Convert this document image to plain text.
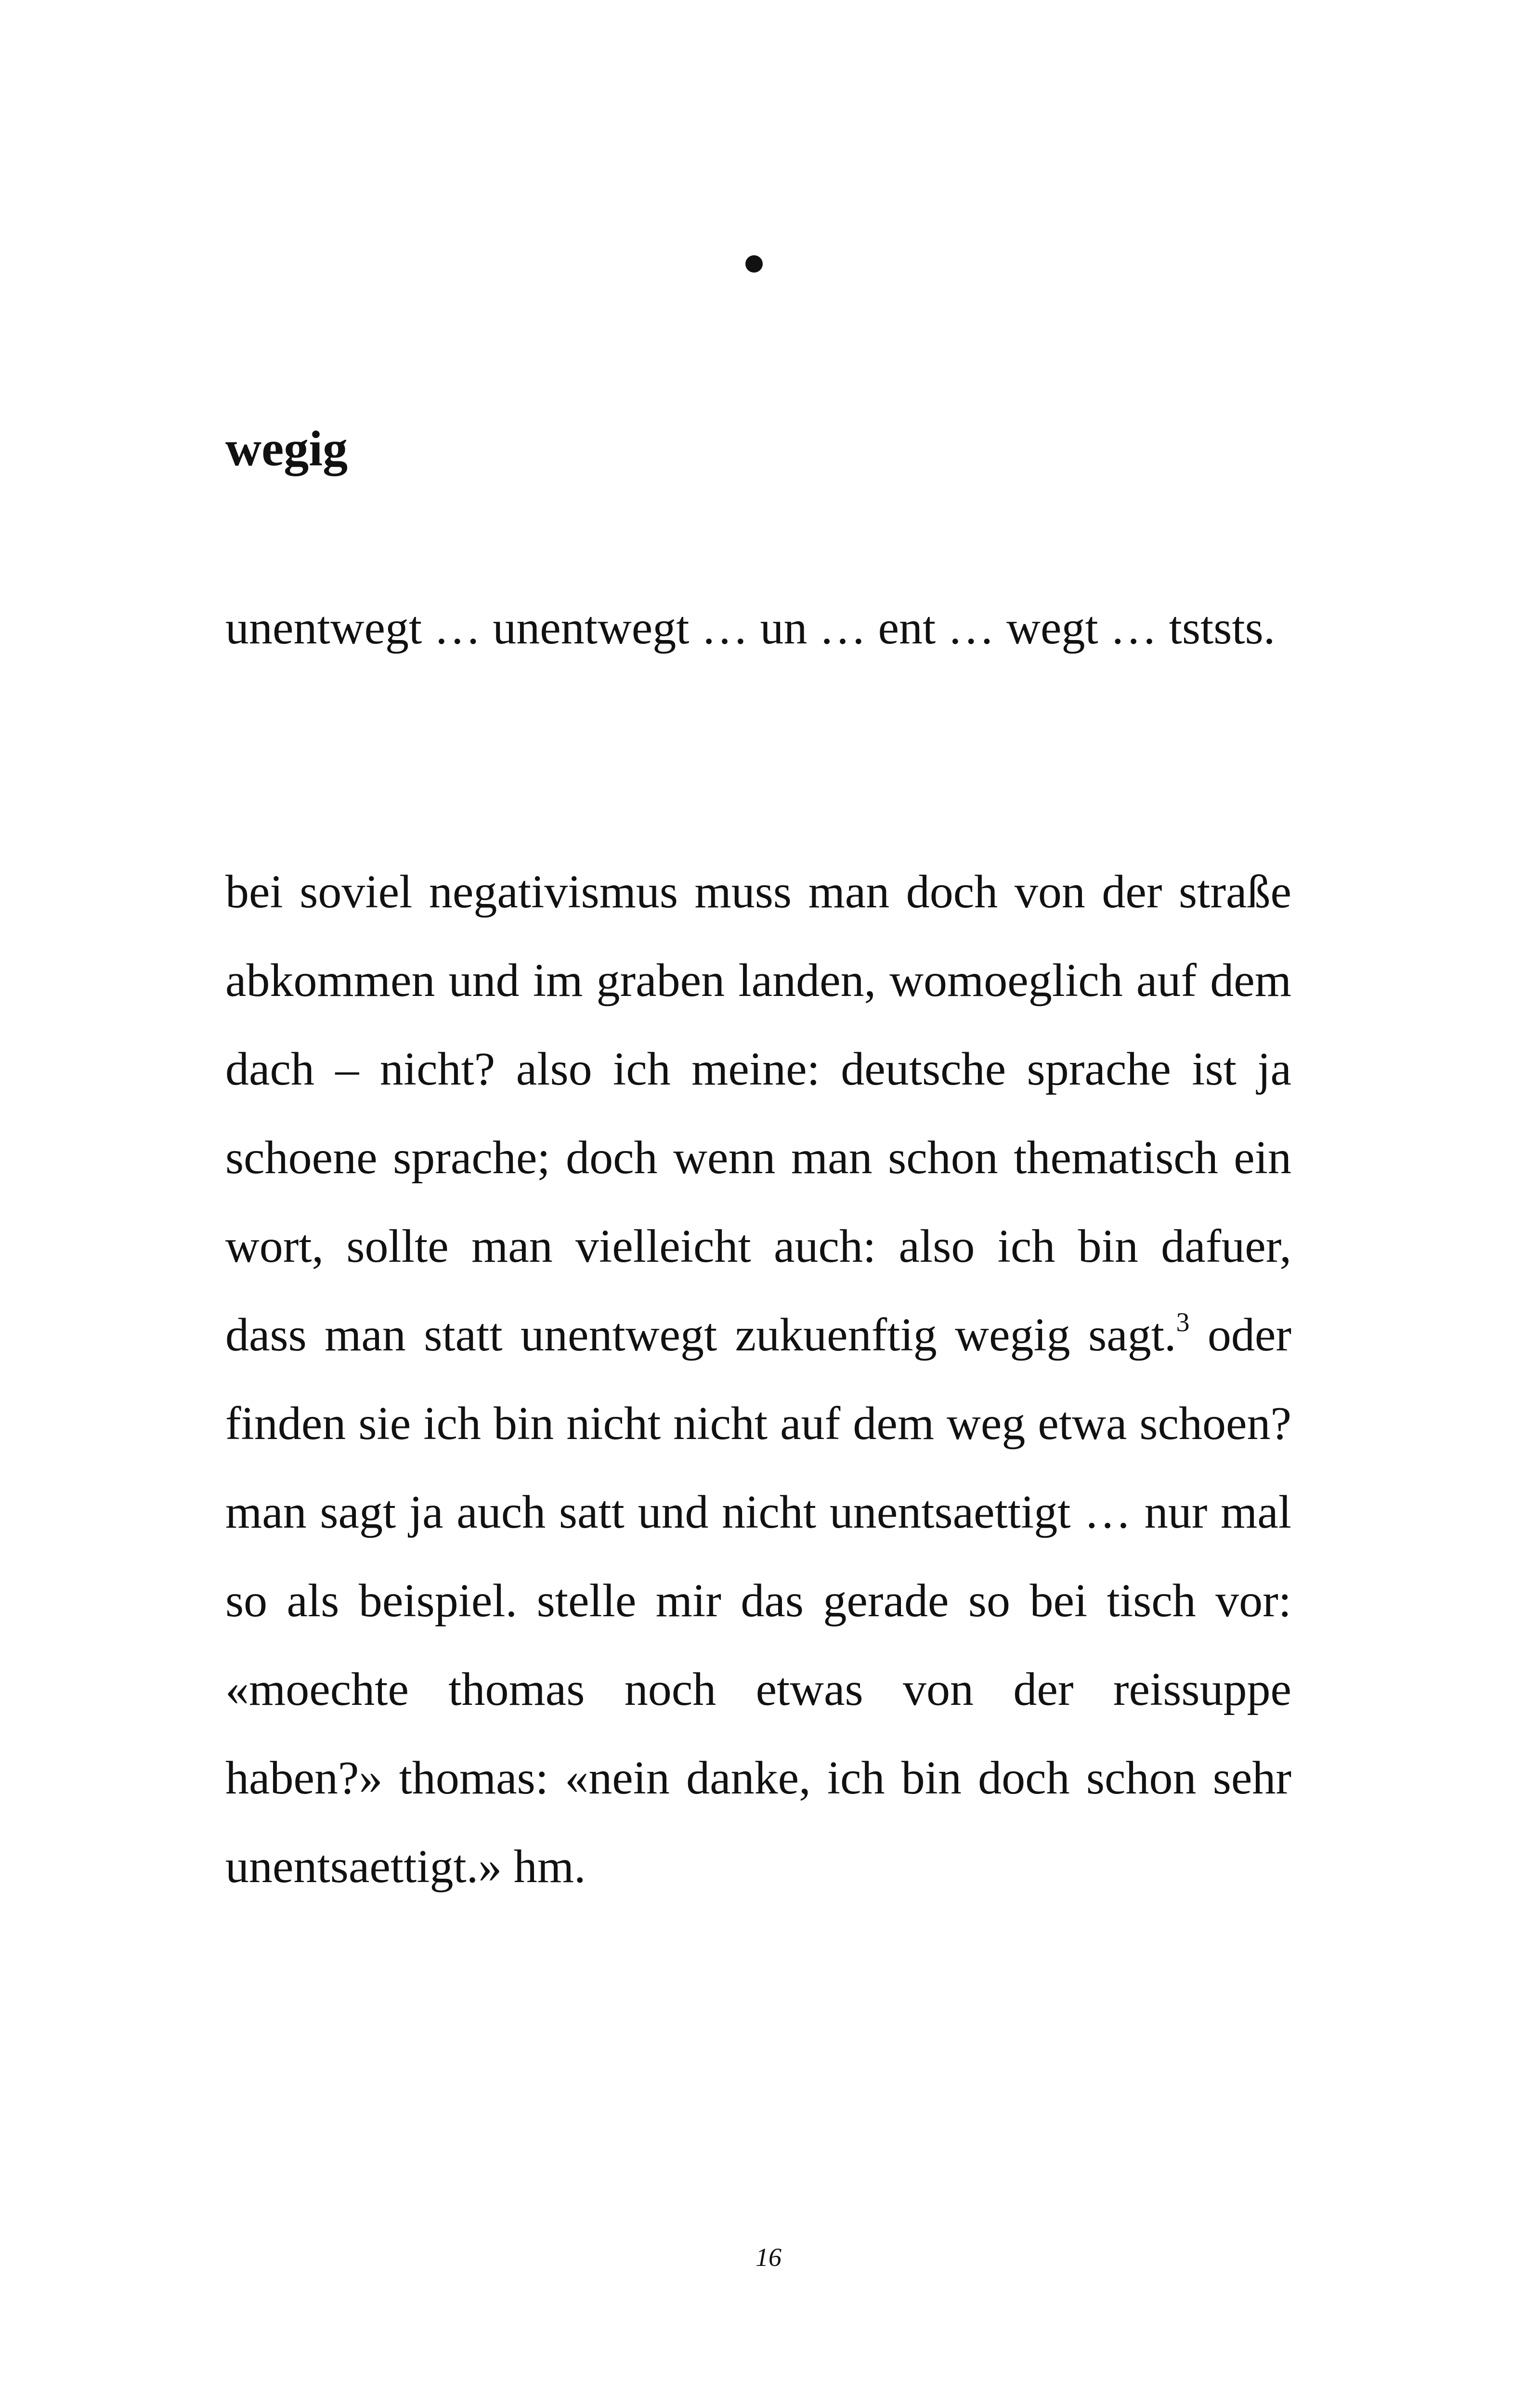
wegig

unentwegt … unentwegt … un … ent … wegt … tststs.

bei soviel negativismus muss man doch von der straße abkommen und im graben landen, womoeglich auf dem dach – nicht? also ich meine: deutsche sprache ist ja schoene sprache; doch wenn man schon thematisch ein wort, sollte man vielleicht auch: also ich bin dafuer, dass man statt unentwegt zukuenftig wegig sagt.$^3$ oder finden sie ich bin nicht nicht auf dem weg etwa schoen? man sagt ja auch satt und nicht unentsaettigt … nur mal so als beispiel. stelle mir das gerade so bei tisch vor: «moechte thomas noch etwas von der reissuppe haben?» thomas: «nein danke, ich bin doch schon sehr unentsaettigt.» hm.

16
